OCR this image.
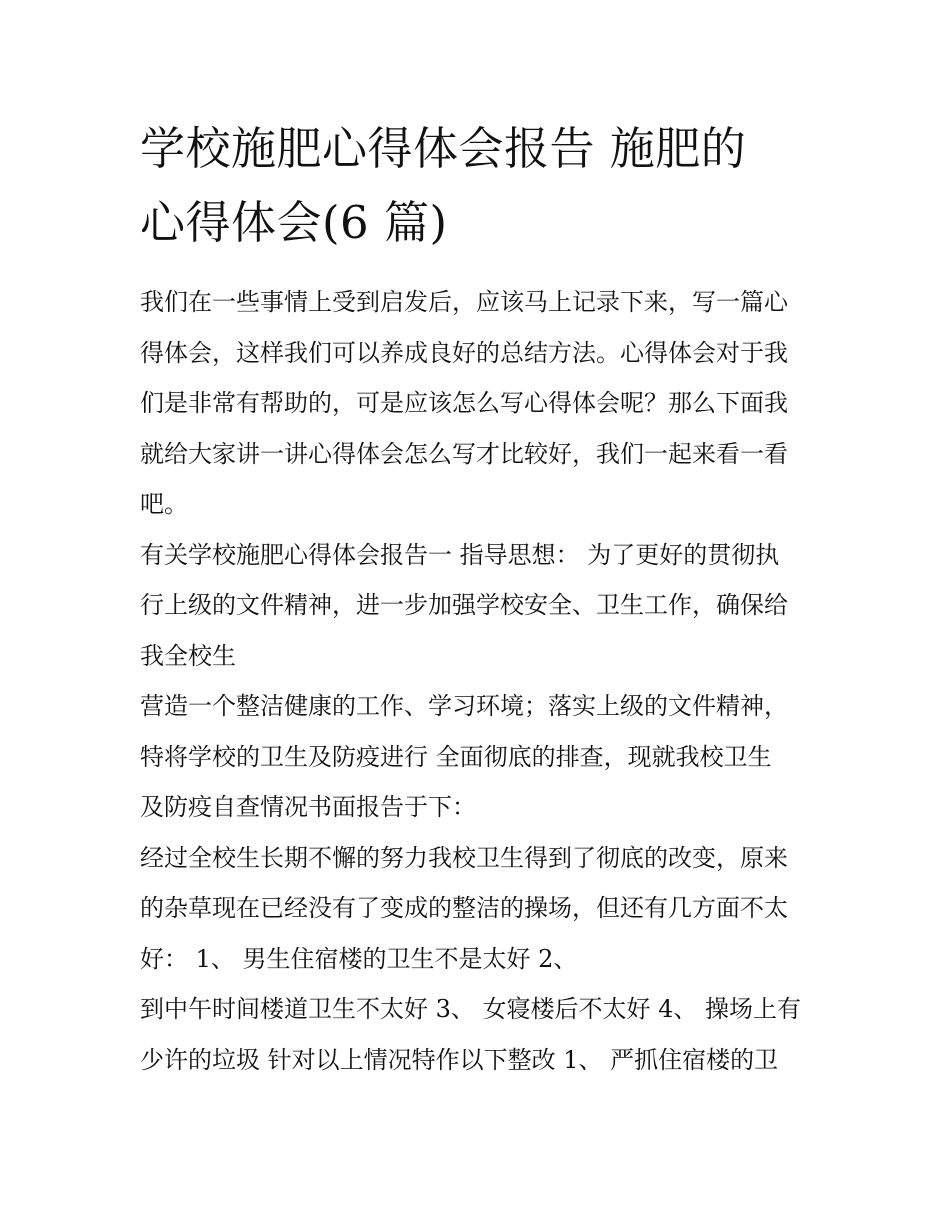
学校施肥心得体会报告 施肥的
心得体会(6 篇)

我们在一些事情上受到启发后，应该马上记录下来，写一篇心
得体会，这样我们可以养成良好的总结方法。心得体会对于我
们是非常有帮助的，可是应该怎么写心得体会呢？那么下面我
就给大家讲一讲心得体会怎么写才比较好，我们一起来看一看
吧。

有关学校施肥心得体会报告一 指导思想： 为了更好的贯彻执
行上级的文件精神，进一步加强学校安全、卫生工作，确保给
我全校生

营造一个整洁健康的工作、学习环境；落实上级的文件精神，
特将学校的卫生及防疫进行 全面彻底的排查，现就我校卫生
及防疫自查情况书面报告于下：

经过全校生长期不懈的努力我校卫生得到了彻底的改变，原来
的杂草现在已经没有了变成的整洁的操场，但还有几方面不太
好： 1、 男生住宿楼的卫生不是太好 2、

到中午时间楼道卫生不太好 3、 女寝楼后不太好 4、 操场上有
少许的垃圾 针对以上情况特作以下整改 1、 严抓住宿楼的卫
